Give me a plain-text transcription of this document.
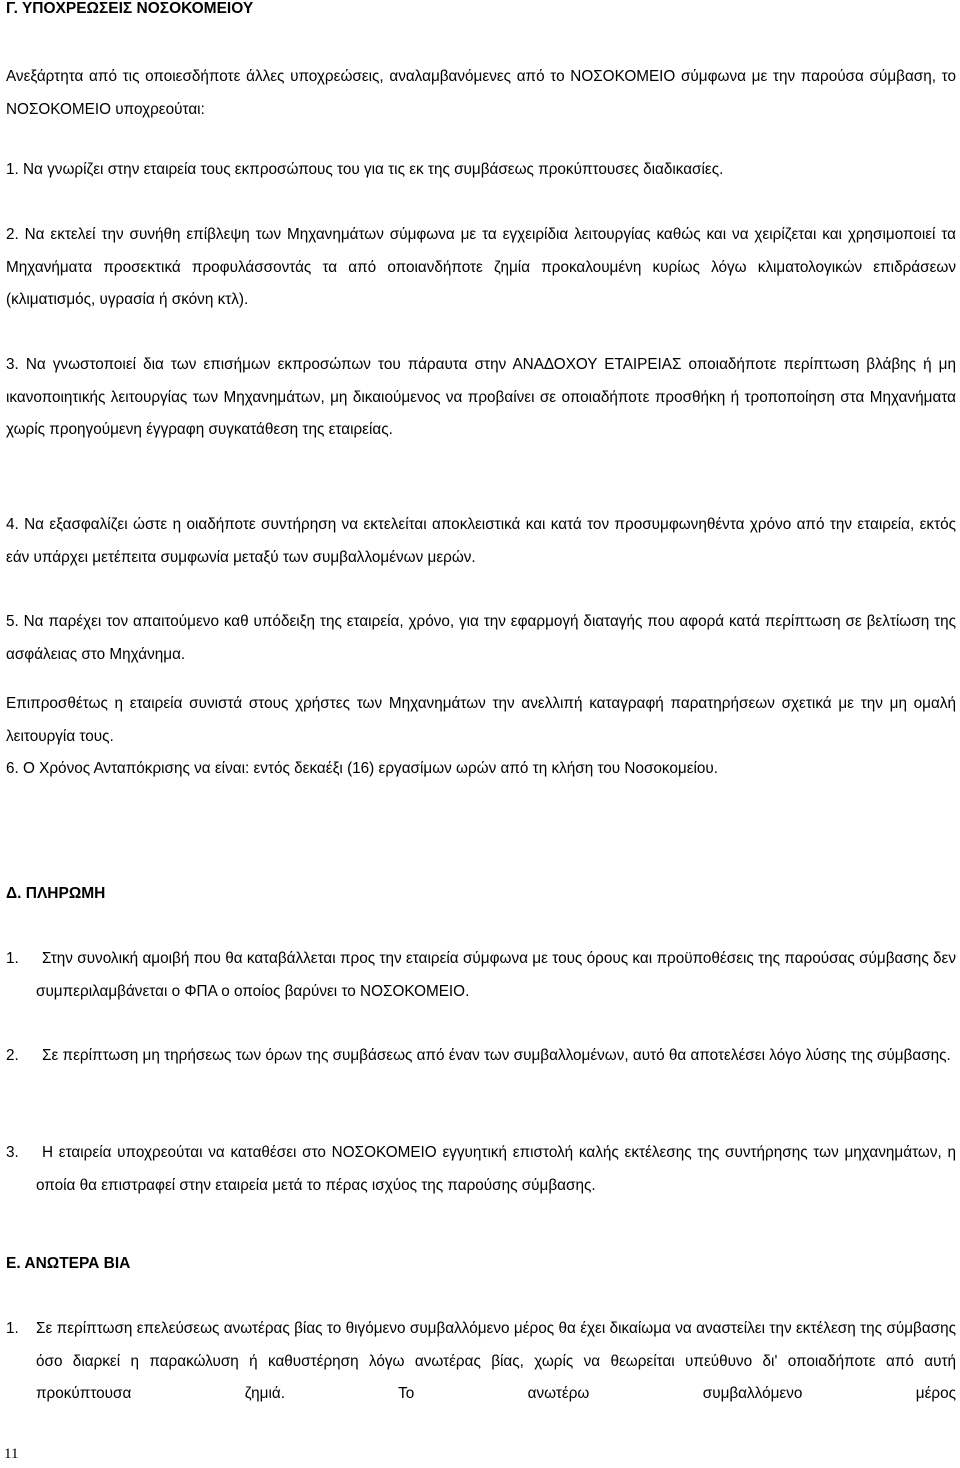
Γ. ΥΠΟΧΡΕΩΣΕΙΣ ΝΟΣΟΚΟΜΕΙΟΥ
Ανεξάρτητα από τις οποιεσδήποτε άλλες υποχρεώσεις, αναλαμβανόμενες από το ΝΟΣΟΚΟΜΕΙΟ σύμφωνα με την παρούσα σύμβαση, το ΝΟΣΟΚΟΜΕΙΟ υποχρεούται:
1. Να γνωρίζει στην εταιρεία τους εκπροσώπους του για τις εκ της συμβάσεως προκύπτουσες διαδικασίες.
2. Να εκτελεί την συνήθη επίβλεψη των Μηχανημάτων σύμφωνα με τα εγχειρίδια λειτουργίας καθώς και να χειρίζεται και χρησιμοποιεί τα Μηχανήματα προσεκτικά προφυλάσσοντάς τα από οποιανδήποτε ζημία προκαλουμένη κυρίως λόγω κλιματολογικών επιδράσεων (κλιματισμός, υγρασία ή σκόνη κτλ).
3. Να γνωστοποιεί δια των επισήμων εκπροσώπων του πάραυτα στην ΑΝΑΔΟΧΟΥ ΕΤΑΙΡΕΙΑΣ οποιαδήποτε περίπτωση βλάβης ή μη ικανοποιητικής λειτουργίας των Μηχανημάτων, μη δικαιούμενος να προβαίνει σε οποιαδήποτε προσθήκη ή τροποποίηση στα Μηχανήματα χωρίς προηγούμενη έγγραφη συγκατάθεση της εταιρείας.
4. Να εξασφαλίζει ώστε η οιαδήποτε συντήρηση να εκτελείται αποκλειστικά και κατά τον προσυμφωνηθέντα χρόνο από την εταιρεία, εκτός εάν υπάρχει μετέπειτα συμφωνία μεταξύ των συμβαλλομένων μερών.
5. Να παρέχει τον απαιτούμενο καθ υπόδειξη της εταιρεία, χρόνο, για την εφαρμογή διαταγής που αφορά κατά περίπτωση σε βελτίωση της ασφάλειας στο Μηχάνημα.
Επιπροσθέτως η εταιρεία συνιστά στους χρήστες των Μηχανημάτων την ανελλιπή καταγραφή παρατηρήσεων σχετικά με την μη ομαλή λειτουργία τους.
6. Ο Χρόνος Ανταπόκρισης να είναι: εντός δεκαέξι (16) εργασίμων ωρών από τη κλήση του Νοσοκομείου.
Δ. ΠΛΗΡΩΜΗ
1.	Στην συνολική αμοιβή που θα καταβάλλεται προς την εταιρεία σύμφωνα με τους όρους και προϋποθέσεις της παρούσας σύμβασης δεν συμπεριλαμβάνεται ο ΦΠΑ ο οποίος βαρύνει το ΝΟΣΟΚΟΜΕΙΟ.
2.	Σε περίπτωση μη τηρήσεως των όρων της συμβάσεως από έναν των συμβαλλομένων, αυτό θα αποτελέσει λόγο λύσης της σύμβασης.
3.	Η εταιρεία υποχρεούται να καταθέσει στο ΝΟΣΟΚΟΜΕΙΟ εγγυητική επιστολή καλής εκτέλεσης της συντήρησης των μηχανημάτων, η οποία θα επιστραφεί στην εταιρεία μετά το πέρας ισχύος της παρούσης σύμβασης.
Ε. ΑΝΩΤΕΡΑ ΒΙΑ
1. Σε περίπτωση επελεύσεως ανωτέρας βίας το θιγόμενο συμβαλλόμενο μέρος θα έχει δικαίωμα να αναστείλει την εκτέλεση της σύμβασης όσο διαρκεί η παρακώλυση ή καθυστέρηση λόγω ανωτέρας βίας, χωρίς να θεωρείται υπεύθυνο δι' οποιαδήποτε από αυτή προκύπτουσα ζημιά. Το ανωτέρω συμβαλλόμενο μέρος
11
